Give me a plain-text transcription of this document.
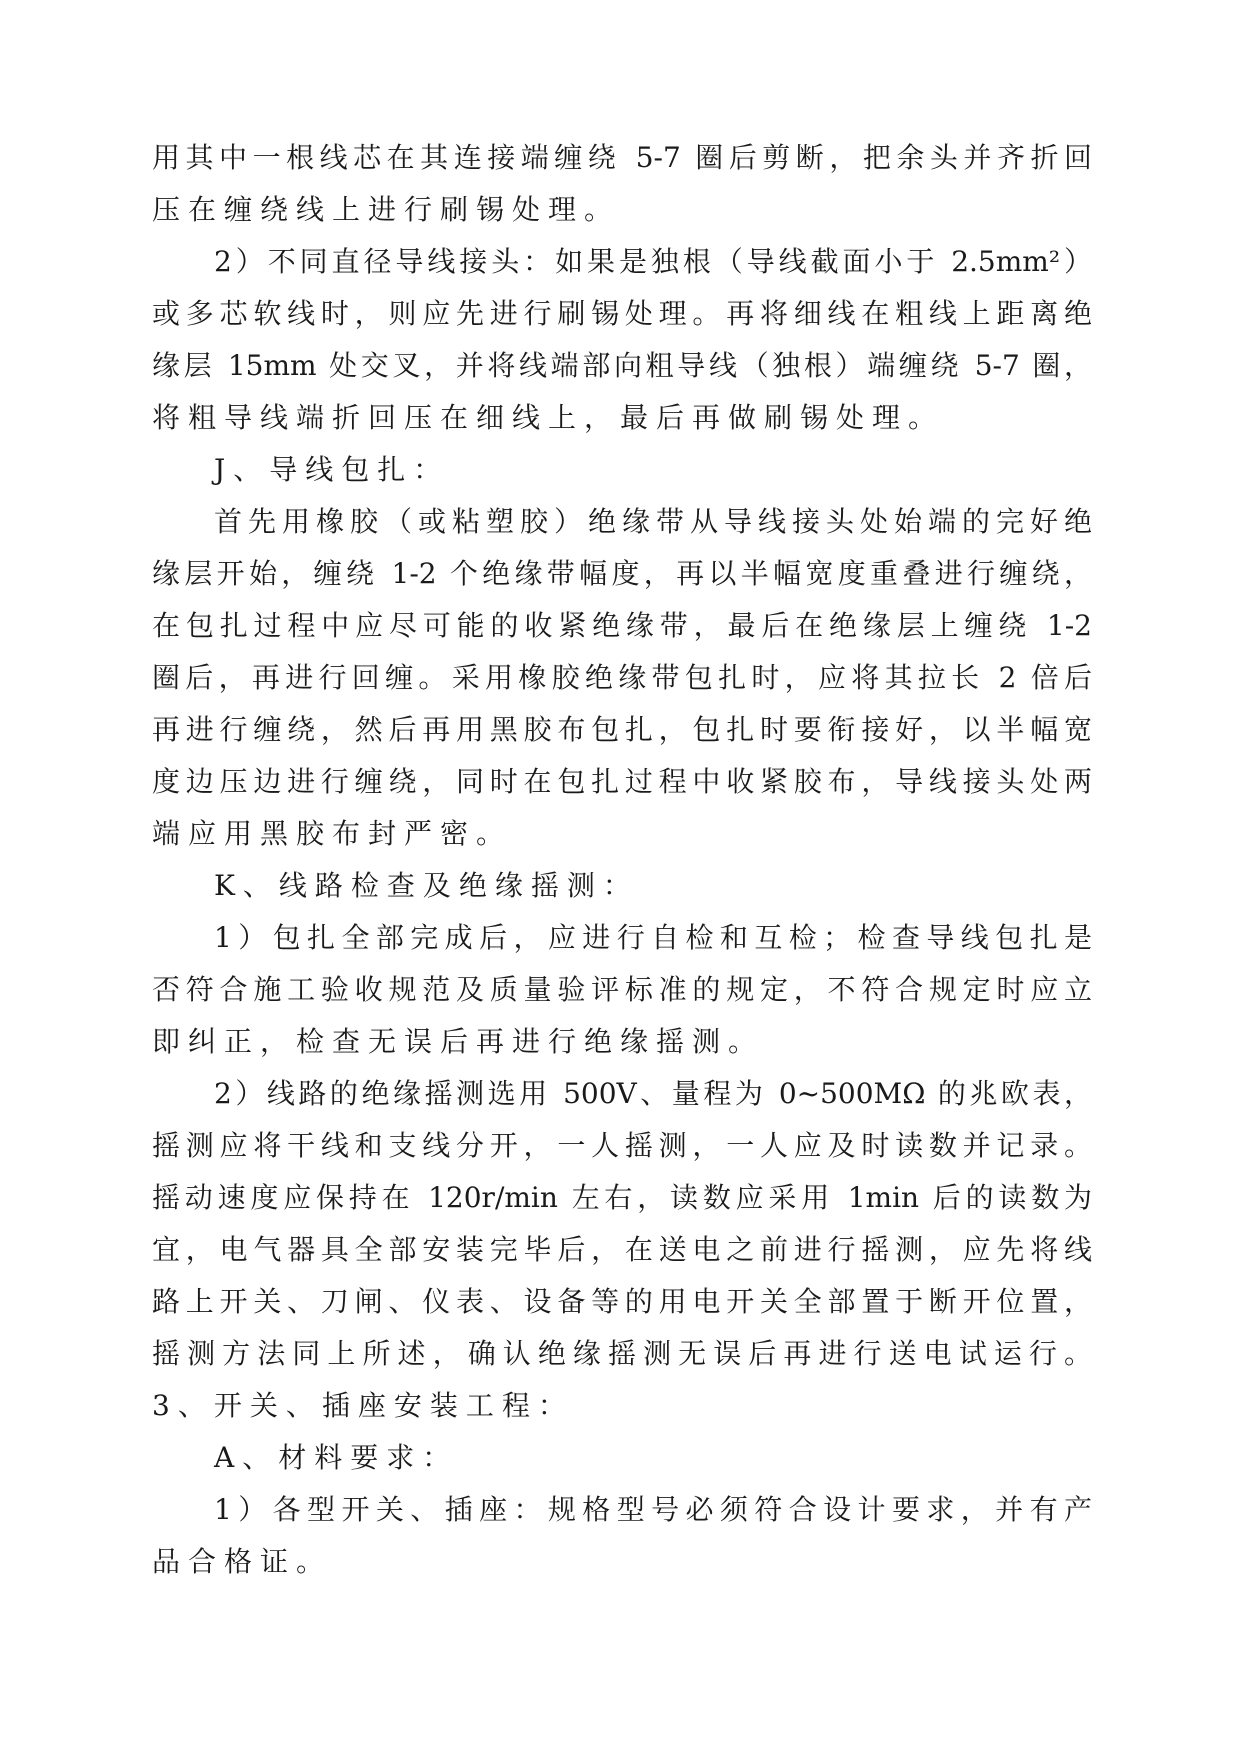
用其中一根线芯在其连接端缠绕 5-7 圈后剪断，把余头并齐折回
压在缠绕线上进行刷锡处理。
2）不同直径导线接头：如果是独根（导线截面小于 2.5mm²）
或多芯软线时，则应先进行刷锡处理。再将细线在粗线上距离绝
缘层 15mm 处交叉，并将线端部向粗导线（独根）端缠绕 5-7 圈，
将粗导线端折回压在细线上，最后再做刷锡处理。
J、导线包扎：
首先用橡胶（或粘塑胶）绝缘带从导线接头处始端的完好绝
缘层开始，缠绕 1-2 个绝缘带幅度，再以半幅宽度重叠进行缠绕，
在包扎过程中应尽可能的收紧绝缘带，最后在绝缘层上缠绕 1-2
圈后，再进行回缠。采用橡胶绝缘带包扎时，应将其拉长 2 倍后
再进行缠绕，然后再用黑胶布包扎，包扎时要衔接好，以半幅宽
度边压边进行缠绕，同时在包扎过程中收紧胶布，导线接头处两
端应用黑胶布封严密。
K、线路检查及绝缘摇测：
1）包扎全部完成后，应进行自检和互检；检查导线包扎是
否符合施工验收规范及质量验评标准的规定，不符合规定时应立
即纠正，检查无误后再进行绝缘摇测。
2）线路的绝缘摇测选用 500V、量程为 0~500MΩ 的兆欧表，
摇测应将干线和支线分开，一人摇测，一人应及时读数并记录。
摇动速度应保持在 120r/min 左右，读数应采用 1min 后的读数为
宜，电气器具全部安装完毕后，在送电之前进行摇测，应先将线
路上开关、刀闸、仪表、设备等的用电开关全部置于断开位置，
摇测方法同上所述，确认绝缘摇测无误后再进行送电试运行。
3、开关、插座安装工程：
A、材料要求：
1）各型开关、插座：规格型号必须符合设计要求，并有产
品合格证。
